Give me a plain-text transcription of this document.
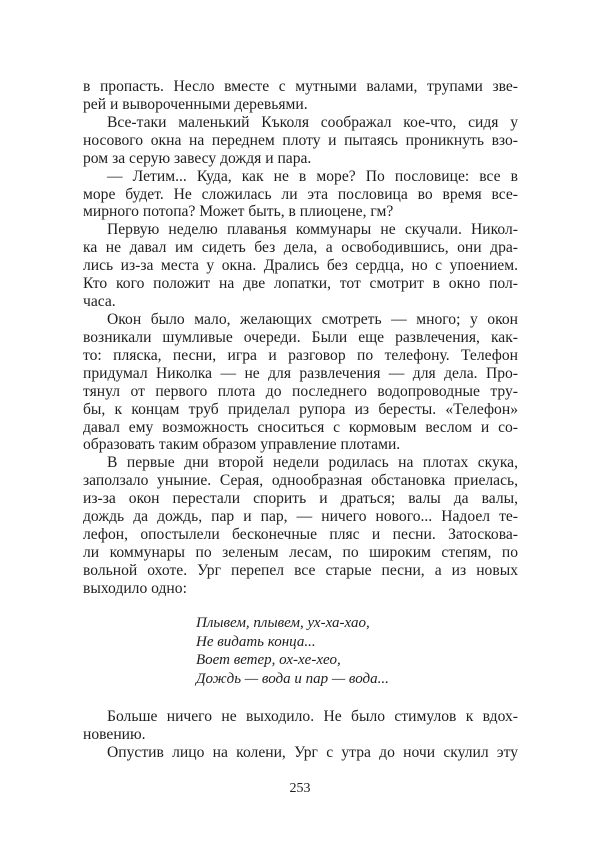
в пропасть. Несло вместе с мутными валами, трупами зве-
рей и вывороченными деревьями.
Все-таки маленький Къколя соображал кое-что, сидя у
носового окна на переднем плоту и пытаясь проникнуть взо-
ром за серую завесу дождя и пара.
— Летим... Куда, как не в море? По пословице: все в
море будет. Не сложилась ли эта пословица во время все-
мирного потопа? Может быть, в плиоцене, гм?
Первую неделю плаванья коммунары не скучали. Никол-
ка не давал им сидеть без дела, а освободившись, они дра-
лись из-за места у окна. Дрались без сердца, но с упоением.
Кто кого положит на две лопатки, тот смотрит в окно пол-
часа.
Окон было мало, желающих смотреть — много; у окон
возникали шумливые очереди. Были еще развлечения, как-
то: пляска, песни, игра и разговор по телефону. Телефон
придумал Николка — не для развлечения — для дела. Про-
тянул от первого плота до последнего водопроводные тру-
бы, к концам труб приделал рупора из бересты. «Телефон»
давал ему возможность сноситься с кормовым веслом и со-
образовать таким образом управление плотами.
В первые дни второй недели родилась на плотах скука,
заползало уныние. Серая, однообразная обстановка приелась,
из-за окон перестали спорить и драться; валы да валы,
дождь да дождь, пар и пар, — ничего нового... Надоел те-
лефон, опостылели бесконечные пляс и песни. Затоскова-
ли коммунары по зеленым лесам, по широким степям, по
вольной охоте. Ург перепел все старые песни, а из новых
выходило одно:
Плывем, плывем, ух-ха-хао,
Не видать конца...
Воет ветер, ох-хе-хео,
Дождь — вода и пар — вода...
Больше ничего не выходило. Не было стимулов к вдох-
новению.
Опустив лицо на колени, Ург с утра до ночи скулил эту
253
